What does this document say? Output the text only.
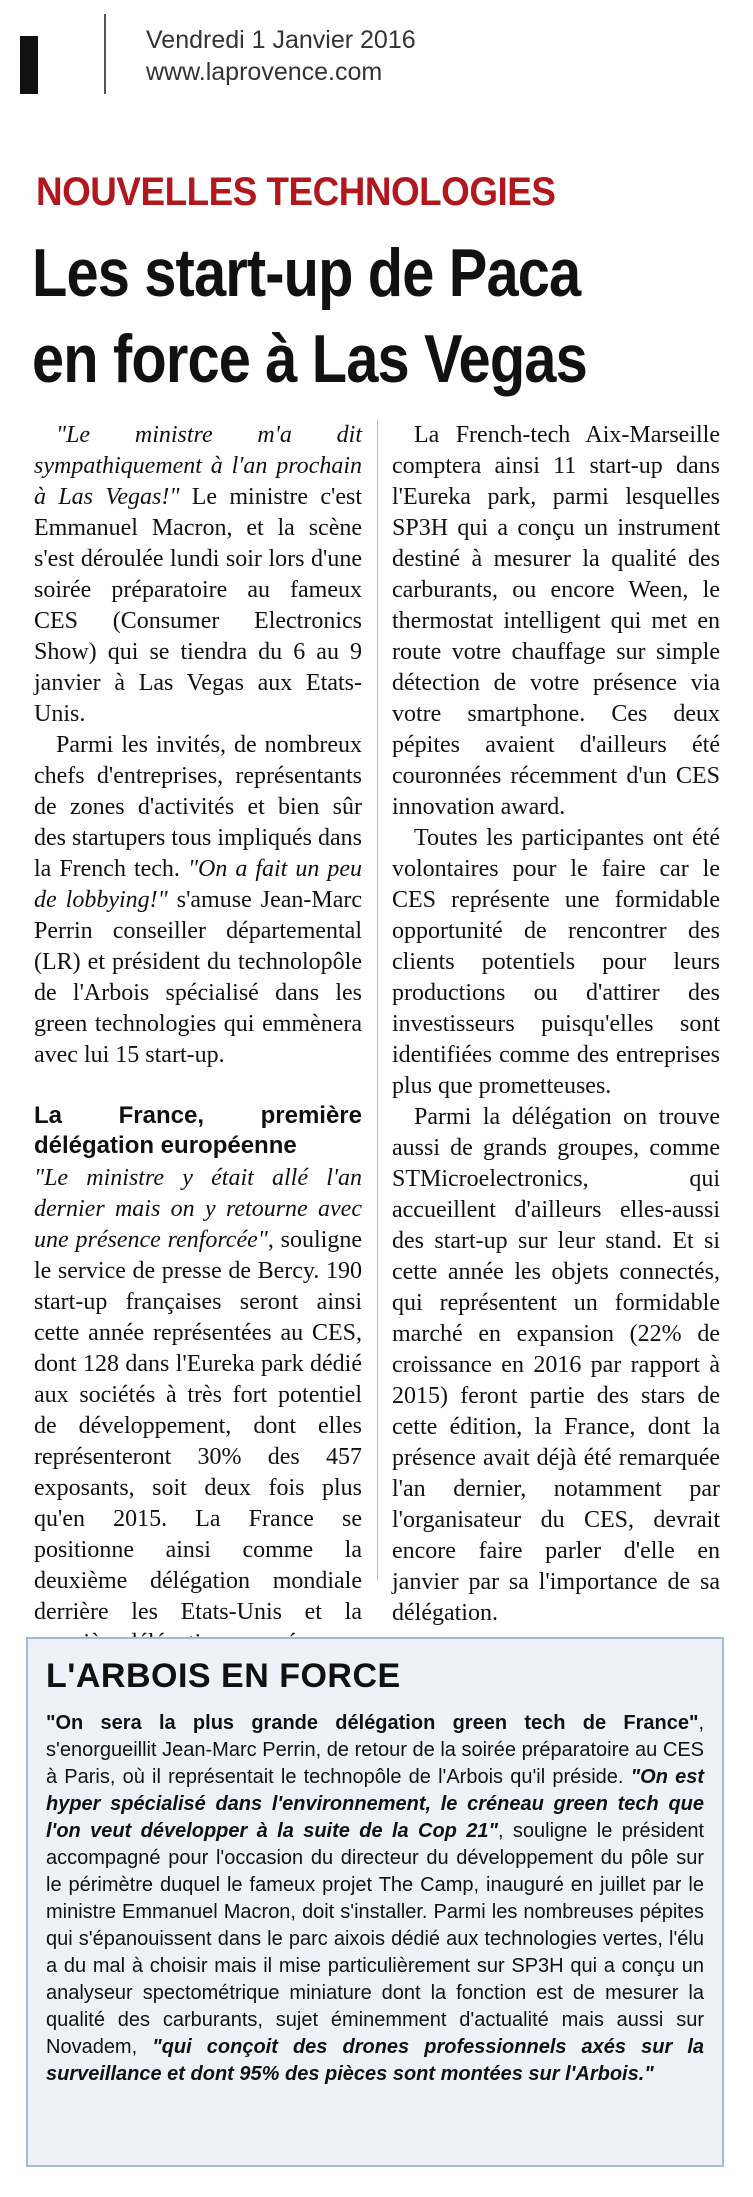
Vendredi 1 Janvier 2016
www.laprovence.com
NOUVELLES TECHNOLOGIES
Les start-up de Paca
en force à Las Vegas

"Le ministre m'a dit sympathiquement à l'an prochain à Las Vegas!" Le ministre c'est Emmanuel Macron, et la scène s'est déroulée lundi soir lors d'une soirée préparatoire au fameux CES (Consumer Electronics Show) qui se tiendra du 6 au 9 janvier à Las Vegas aux Etats-Unis.

Parmi les invités, de nombreux chefs d'entreprises, représentants de zones d'activités et bien sûr des startupers tous impliqués dans la French tech. "On a fait un peu de lobbying!" s'amuse Jean-Marc Perrin conseiller départemental (LR) et président du technolopôle de l'Arbois spécialisé dans les green technologies qui emmènera avec lui 15 start-up.

La France, première délégation européenne

"Le ministre y était allé l'an dernier mais on y retourne avec une présence renforcée", souligne le service de presse de Bercy. 190 start-up françaises seront ainsi cette année représentées au CES, dont 128 dans l'Eureka park dédié aux sociétés à très fort potentiel de développement, dont elles représenteront 30% des 457 exposants, soit deux fois plus qu'en 2015. La France se positionne ainsi comme la deuxième délégation mondiale derrière les Etats-Unis et la

La French-tech Aix-Marseille comptera ainsi 11 start-up dans l'Eureka park, parmi lesquelles SP3H qui a conçu un instrument destiné à mesurer la qualité des carburants, ou encore Ween, le thermostat intelligent qui met en route votre chauffage sur simple détection de votre présence via votre smartphone. Ces deux pépites avaient d'ailleurs été couronnées récemment d'un CES innovation award.

Toutes les participantes ont été volontaires pour le faire car le CES représente une formidable opportunité de rencontrer des clients potentiels pour leurs productions ou d'attirer des investisseurs puisqu'elles sont identifiées comme des entreprises plus que prometteuses.

Parmi la délégation on trouve aussi de grands groupes, comme STMicroelectronics, qui accueillent d'ailleurs elles-aussi des start-up sur leur stand. Et si cette année les objets connectés, qui représentent un formidable marché en expansion (22% de croissance en 2016 par rapport à 2015) feront partie des stars de cette édition, la France, dont la présence avait déjà été remarquée l'an dernier, notamment par l'organisateur du CES, devrait encore faire parler d'elle en janvier par sa l'importance de sa délégation.

L'ARBOIS EN FORCE
"On sera la plus grande délégation green tech de France", s'enorgueillit Jean-Marc Perrin, de retour de la soirée préparatoire au CES à Paris, où il représentait le technopôle de l'Arbois qu'il préside. "On est hyper spécialisé dans l'environnement, le créneau green tech que l'on veut développer à la suite de la Cop 21", souligne le président accompagné pour l'occasion du directeur du développement du pôle sur le périmètre duquel le fameux projet The Camp, inauguré en juillet par le ministre Emmanuel Macron, doit s'installer. Parmi les nombreuses pépites qui s'épanouissent dans le parc aixois dédié aux technologies vertes, l'élu a du mal à choisir mais il mise particulièrement sur SP3H qui a conçu un analyseur spectométrique miniature dont la fonction est de mesurer la qualité des carburants, sujet éminemment d'actualité mais aussi sur Novadem, "qui conçoit des drones professionnels axés sur la surveillance et dont 95% des pièces sont montées sur l'Arbois."
